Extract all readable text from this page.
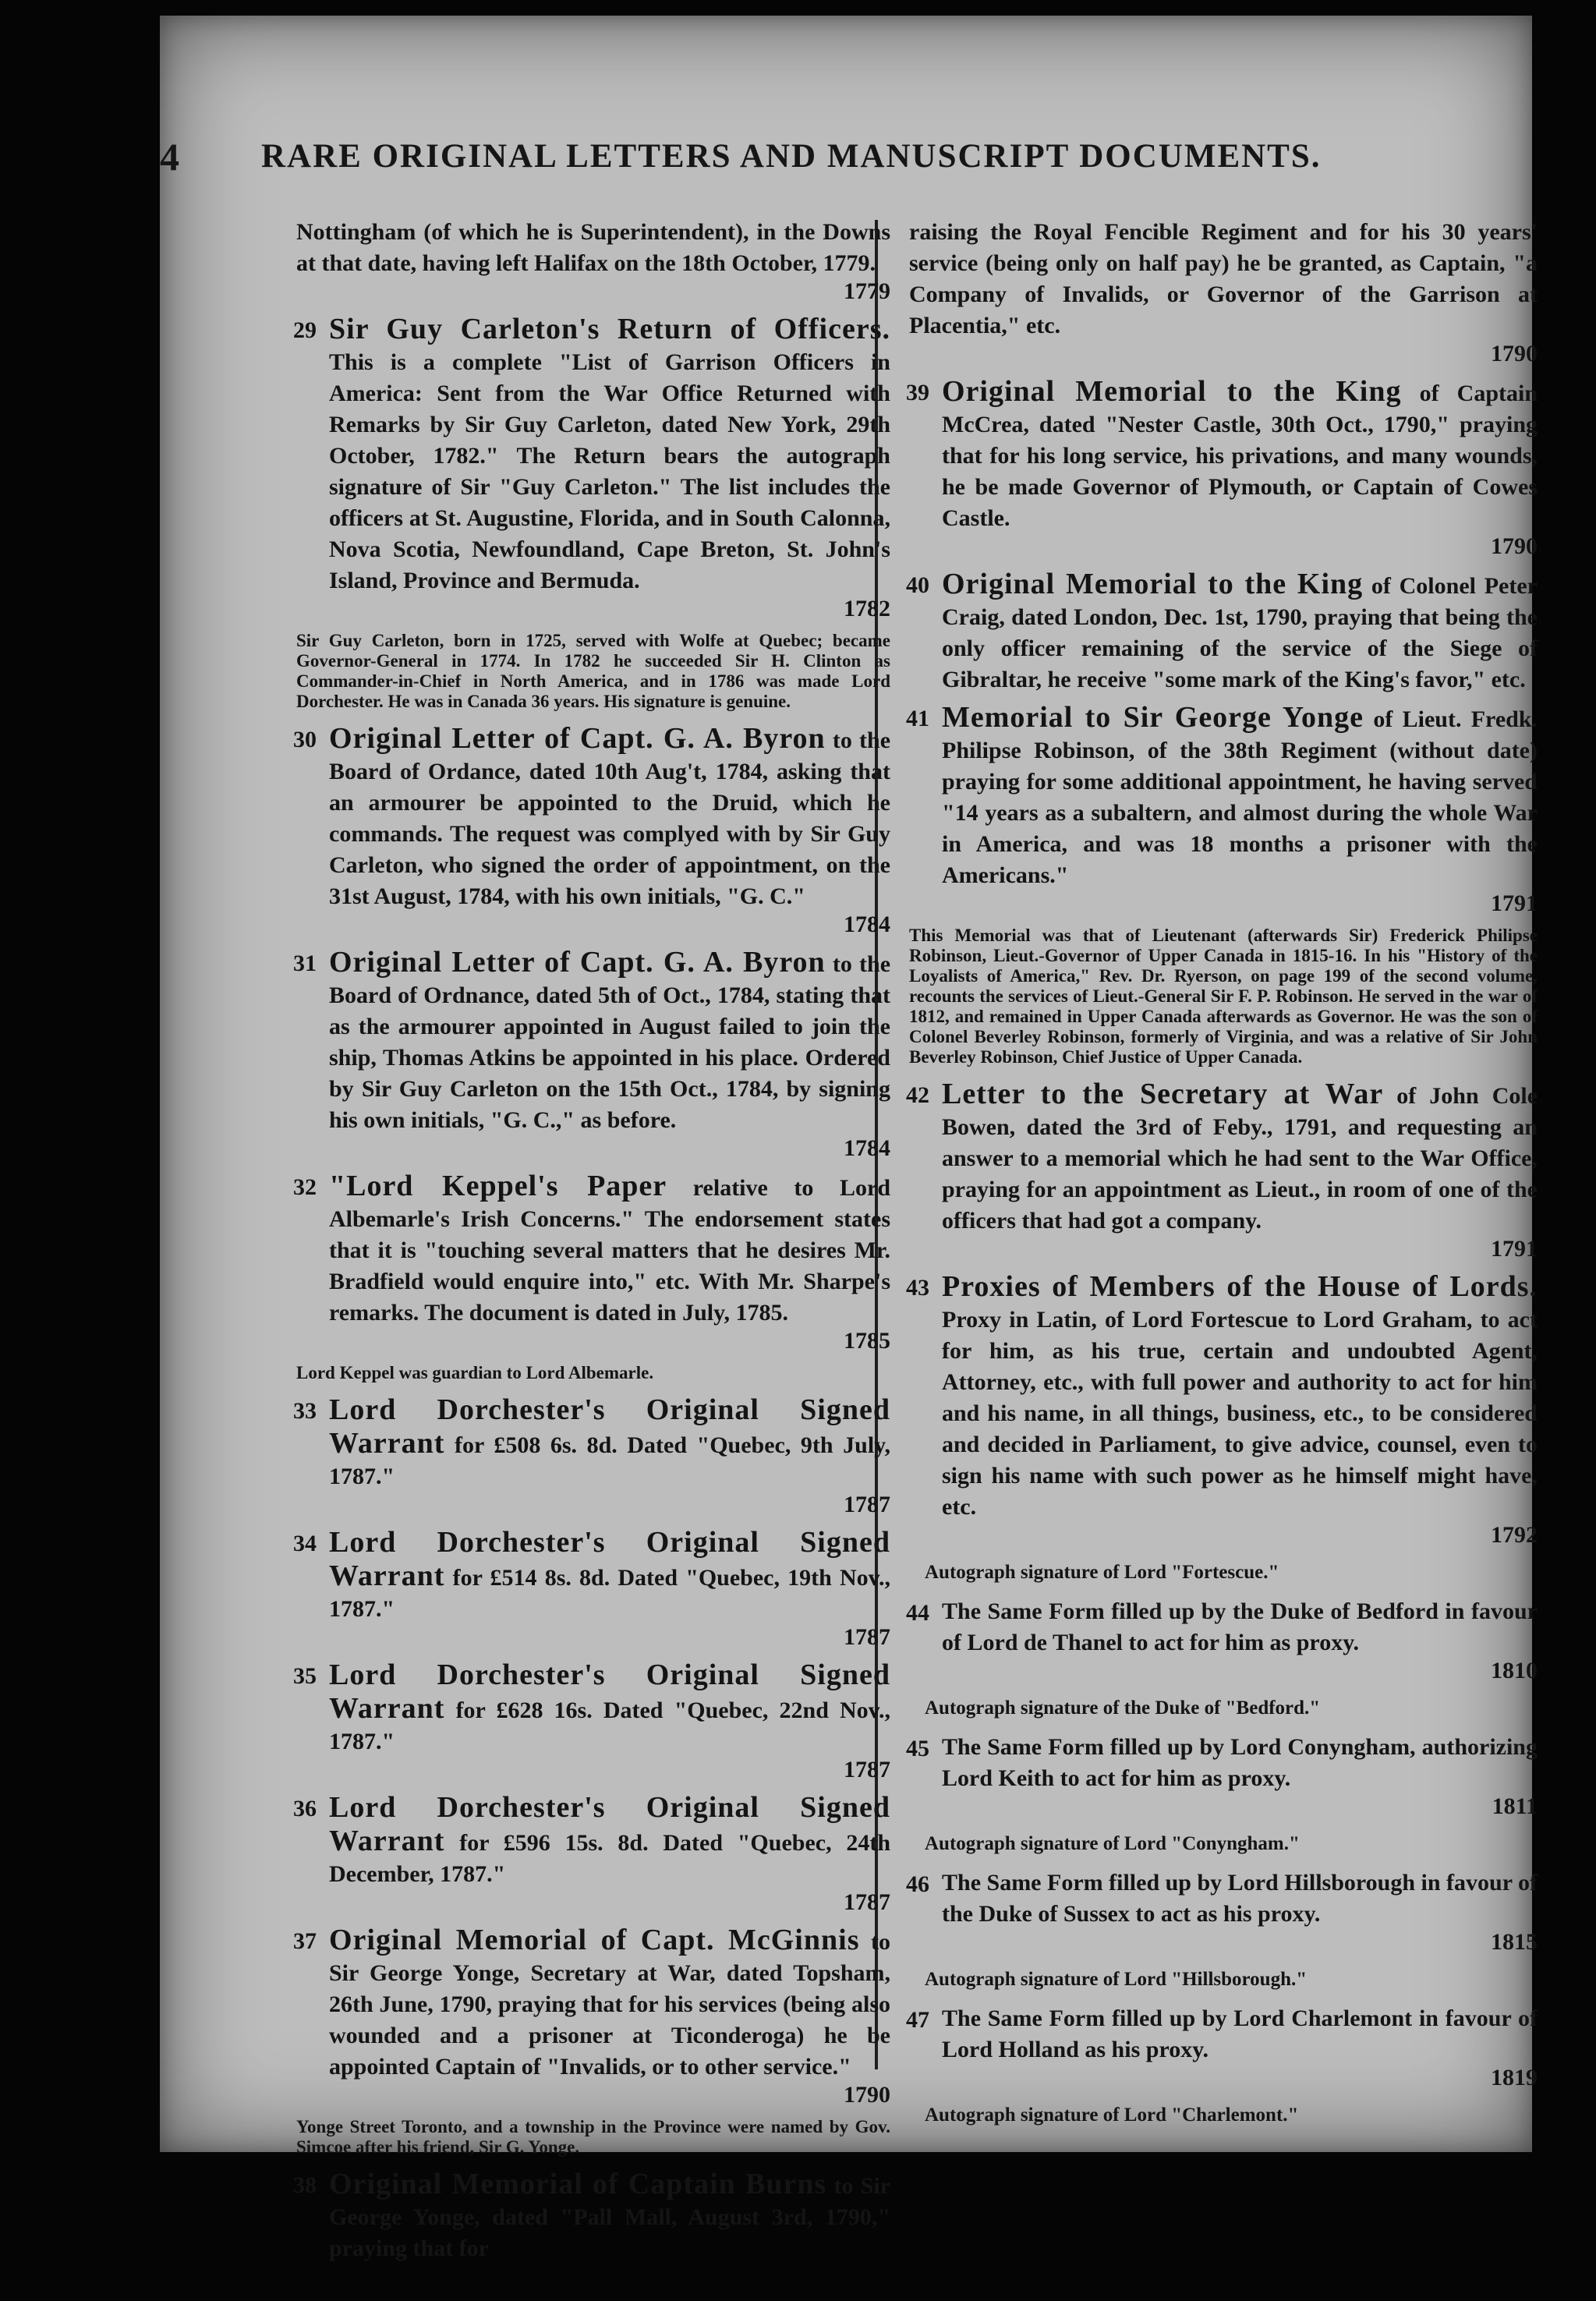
4 RARE ORIGINAL LETTERS AND MANUSCRIPT DOCUMENTS.
Nottingham (of which he is Superintendent), in the Downs at that date, having left Halifax on the 18th October, 1779.
1779
29 Sir Guy Carleton's Return of Officers. This is a complete "List of Garrison Officers in America: Sent from the War Office Returned with Remarks by Sir Guy Carleton, dated New York, 29th October, 1782." The Return bears the autograph signature of Sir "Guy Carleton." The list includes the officers at St. Augustine, Florida, and in South Calonna, Nova Scotia, Newfoundland, Cape Breton, St. John's Island, Province and Bermuda.
1782
Sir Guy Carleton, born in 1725, served with Wolfe at Quebec; became Governor-General in 1774. In 1782 he succeeded Sir H. Clinton as Commander-in-Chief in North America, and in 1786 was made Lord Dorchester. He was in Canada 36 years. His signature is genuine.
30 Original Letter of Capt. G. A. Byron to the Board of Ordance, dated 10th Aug't, 1784, asking that an armourer be appointed to the Druid, which he commands. The request was complyed with by Sir Guy Carleton, who signed the order of appointment, on the 31st August, 1784, with his own initials, "G. C."
1784
31 Original Letter of Capt. G. A. Byron to the Board of Ordnance, dated 5th of Oct., 1784, stating that as the armourer appointed in August failed to join the ship, Thomas Atkins be appointed in his place. Ordered by Sir Guy Carleton on the 15th Oct., 1784, by signing his own initials, "G. C.," as before.
1784
32 "Lord Keppel's Paper relative to Lord Albemarle's Irish Concerns." The endorsement states that it is "touching several matters that he desires Mr. Bradfield would enquire into," etc. With Mr. Sharpe's remarks. The document is dated in July, 1785.
1785
Lord Keppel was guardian to Lord Albemarle.
33 Lord Dorchester's Original Signed Warrant for £508 6s. 8d. Dated "Quebec, 9th July, 1787."
1787
34 Lord Dorchester's Original Signed Warrant for £514 8s. 8d. Dated "Quebec, 19th Nov., 1787."
1787
35 Lord Dorchester's Original Signed Warrant for £628 16s. Dated "Quebec, 22nd Nov., 1787."
1787
36 Lord Dorchester's Original Signed Warrant for £596 15s. 8d. Dated "Quebec, 24th December, 1787."
1787
37 Original Memorial of Capt. McGinnis to Sir George Yonge, Secretary at War, dated Topsham, 26th June, 1790, praying that for his services (being also wounded and a prisoner at Ticonderoga) he be appointed Captain of "Invalids, or to other service."
1790
Yonge Street Toronto, and a township in the Province were named by Gov. Simcoe after his friend, Sir G. Yonge.
38 Original Memorial of Captain Burns to Sir George Yonge, dated "Pall Mall, August 3rd, 1790," praying that for
raising the Royal Fencible Regiment and for his 30 years' service (being only on half pay) he be granted, as Captain, "a Company of Invalids, or Governor of the Garrison at Placentia," etc.
1790
39 Original Memorial to the King of Captain McCrea, dated "Nester Castle, 30th Oct., 1790," praying that for his long service, his privations, and many wounds, he be made Governor of Plymouth, or Captain of Cowes Castle.
1790
40 Original Memorial to the King of Colonel Peter Craig, dated London, Dec. 1st, 1790, praying that being the only officer remaining of the service of the Siege of Gibraltar, he receive "some mark of the King's favor," etc.
41 Memorial to Sir George Yonge of Lieut. Fredk. Philipse Robinson, of the 38th Regiment (without date) praying for some additional appointment, he having served "14 years as a subaltern, and almost during the whole War in America, and was 18 months a prisoner with the Americans."
1791
This Memorial was that of Lieutenant (afterwards Sir) Frederick Philipse Robinson, Lieut.-Governor of Upper Canada in 1815-16. In his "History of the Loyalists of America," Rev. Dr. Ryerson, on page 199 of the second volume, recounts the services of Lieut.-General Sir F. P. Robinson. He served in the war of 1812, and remained in Upper Canada afterwards as Governor. He was the son of Colonel Beverley Robinson, formerly of Virginia, and was a relative of Sir John Beverley Robinson, Chief Justice of Upper Canada.
42 Letter to the Secretary at War of John Cole Bowen, dated the 3rd of Feby., 1791, and requesting an answer to a memorial which he had sent to the War Office, praying for an appointment as Lieut., in room of one of the officers that had got a company.
1791
43 Proxies of Members of the House of Lords. Proxy in Latin, of Lord Fortescue to Lord Graham, to act for him, as his true, certain and undoubted Agent, Attorney, etc., with full power and authority to act for him and his name, in all things, business, etc., to be considered and decided in Parliament, to give advice, counsel, even to sign his name with such power as he himself might have, etc.
1792
Autograph signature of Lord "Fortescue."
44 The Same Form filled up by the Duke of Bedford in favour of Lord de Thanel to act for him as proxy.
1810
Autograph signature of the Duke of "Bedford."
45 The Same Form filled up by Lord Conyngham, authorizing Lord Keith to act for him as proxy.
1811
Autograph signature of Lord "Conyngham."
46 The Same Form filled up by Lord Hillsborough in favour of the Duke of Sussex to act as his proxy.
1815
Autograph signature of Lord "Hillsborough."
47 The Same Form filled up by Lord Charlemont in favour of Lord Holland as his proxy.
1819
Autograph signature of Lord "Charlemont."
